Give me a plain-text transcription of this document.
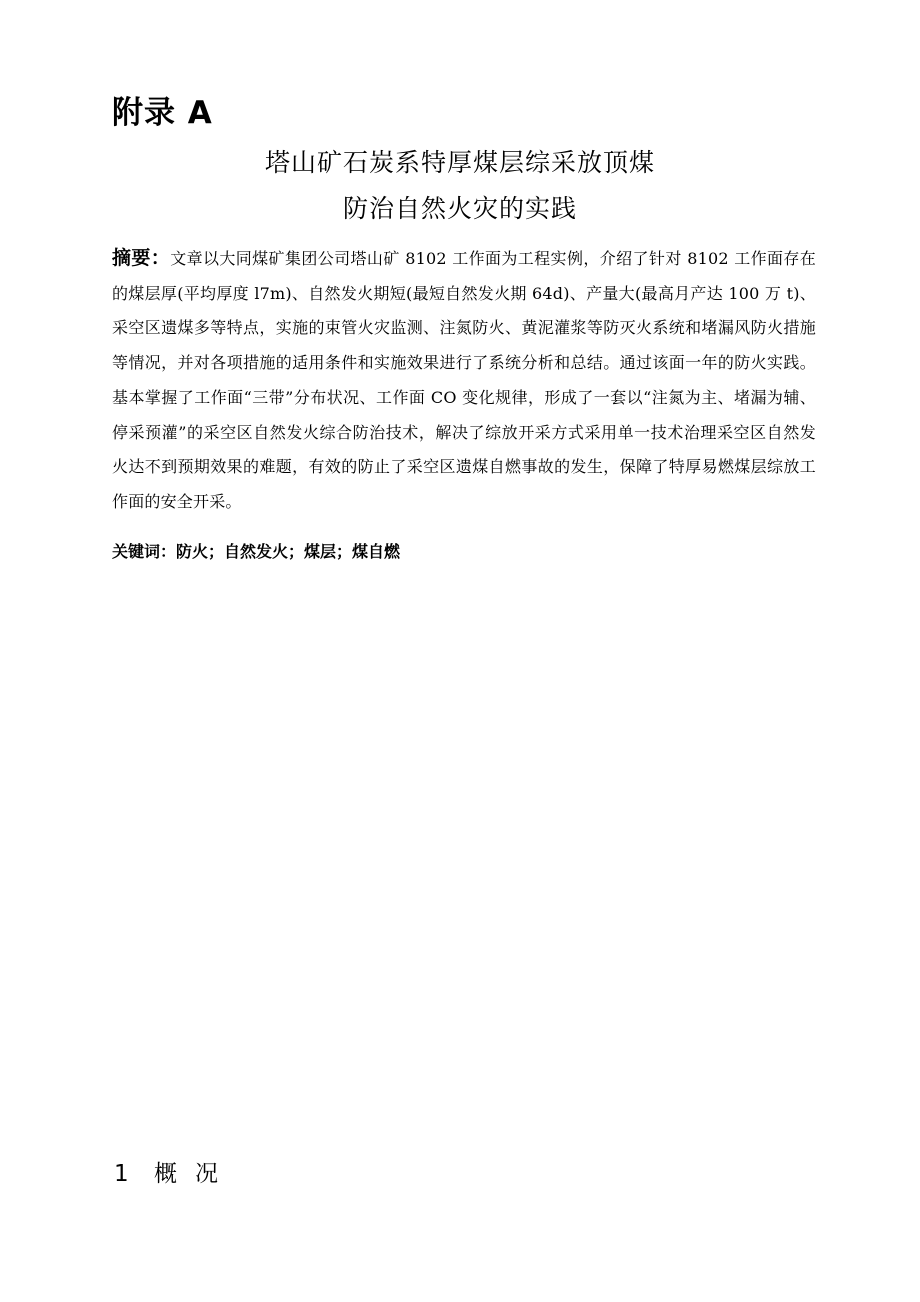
附录 A
塔山矿石炭系特厚煤层综采放顶煤
防治自然火灾的实践

摘要：文章以大同煤矿集团公司塔山矿 8102 工作面为工程实例，介绍了针对 8102 工作面存在的煤层厚(平均厚度 l7m)、自然发火期短(最短自然发火期 64d)、产量大(最高月产达 100 万 t)、采空区遗煤多等特点，实施的束管火灾监测、注氮防火、黄泥灌浆等防灭火系统和堵漏风防火措施等情况，并对各项措施的适用条件和实施效果进行了系统分析和总结。通过该面一年的防火实践。基本掌握了工作面“三带”分布状况、工作面 CO 变化规律，形成了一套以“注氮为主、堵漏为辅、停采预灌”的采空区自然发火综合防治技术，解决了综放开采方式采用单一技术治理采空区自然发火达不到预期效果的难题，有效的防止了采空区遗煤自燃事故的发生，保障了特厚易燃煤层综放工作面的安全开采。

关键词：防火；自然发火；煤层；煤自燃

1 概况
